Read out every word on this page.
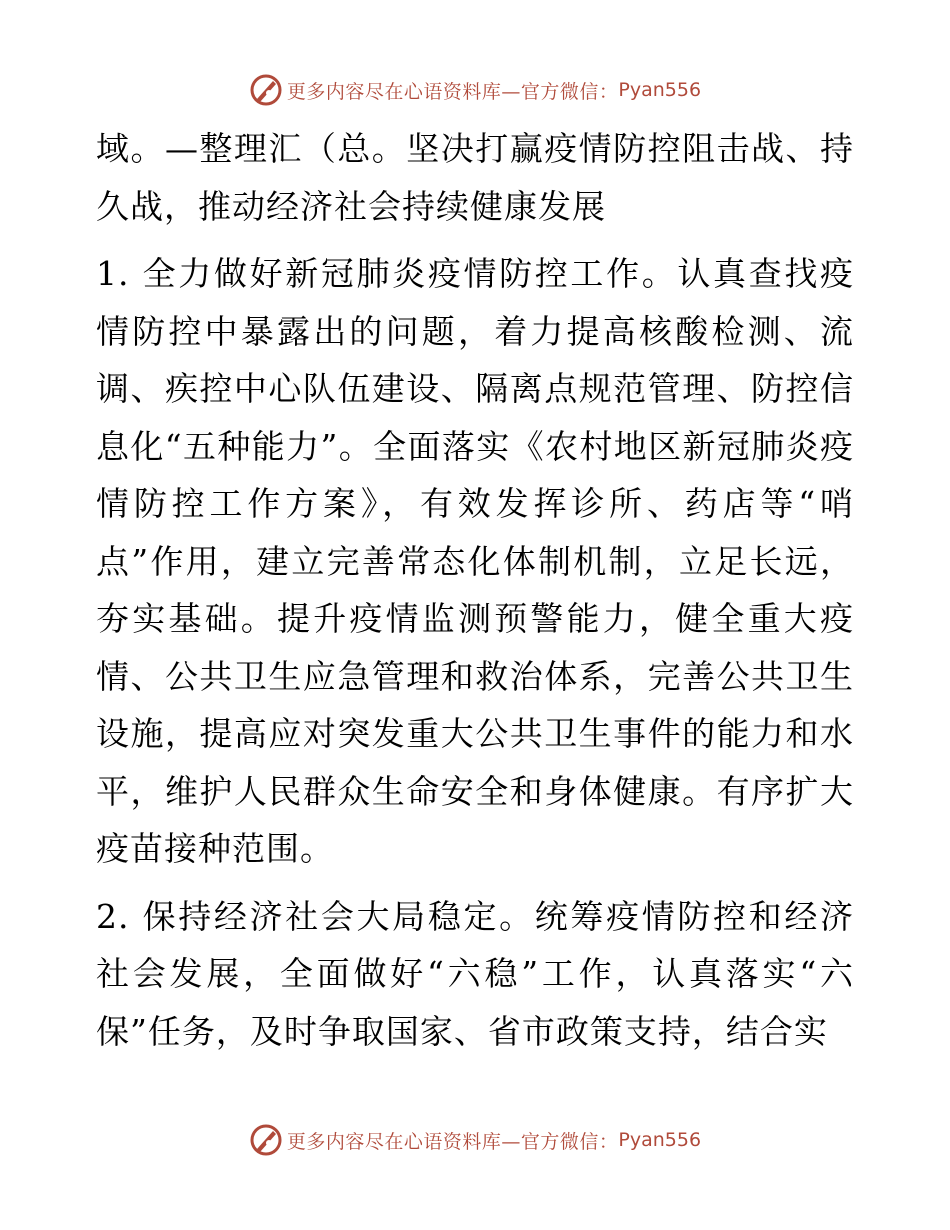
更多内容尽在心语资料库—官方微信： Pyan556

域。—整理汇（总。坚决打赢疫情防控阻击战、持久战，推动经济社会持续健康发展

1. 全力做好新冠肺炎疫情防控工作。认真查找疫情防控中暴露出的问题，着力提高核酸检测、流调、疾控中心队伍建设、隔离点规范管理、防控信息化“五种能力”。全面落实《农村地区新冠肺炎疫情防控工作方案》，有效发挥诊所、药店等“哨点”作用，建立完善常态化体制机制，立足长远，夯实基础。提升疫情监测预警能力，健全重大疫情、公共卫生应急管理和救治体系，完善公共卫生设施，提高应对突发重大公共卫生事件的能力和水平，维护人民群众生命安全和身体健康。有序扩大疫苗接种范围。

2. 保持经济社会大局稳定。统筹疫情防控和经济社会发展，全面做好“六稳”工作，认真落实“六保”任务，及时争取国家、省市政策支持，结合实

更多内容尽在心语资料库—官方微信： Pyan556
